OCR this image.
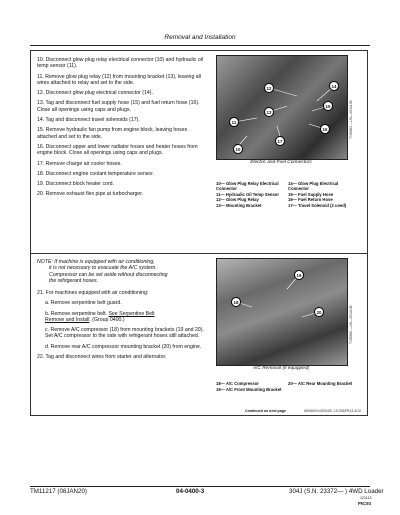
Removal and Installation
10. Disconnect glow plug relay electrical connector (10) and hydraulic oil temp sensor (11).
11. Remove glow plug relay (12) from mounting bracket (13), leaving all wires attached to relay and set to the side.
12. Disconnect glow plug electrical connector (14).
13. Tag and disconnect fuel supply hose (15) and fuel return hose (16). Close all openings using caps and plugs.
14. Tag and disconnect travel solenoids (17).
15. Remove hydraulic fan pump from engine block, leaving hoses attached and set to the side.
16. Disconnect upper and lower radiator hoses and heater hoses from engine block. Close all openings using caps and plugs.
17. Remove charge air cooler hoses.
18. Disconnect engine coolant temperature sensor.
19. Disconnect block heater cord.
20. Remove exhaust flex pipe at turbocharger.
12	14
13
15
11
16
17
10
T195963 —UN—25JUL06
Electric and Fuel Connectors
10— Glow Plug Relay Electrical Connector
11— Hydraulic Oil Temp Sensor
12— Glow Plug Relay
13— Mounting Bracket
14— Glow Plug Electrical Connector
15— Fuel Supply Hose
16— Fuel Return Hose
17— Travel Solenoid (2 used)
NOTE: If machine is equipped with air conditioning,
it is not necessary to evacuate the A/C system.
Compressor can be set aside without disconnecting
the refrigerant hoses.
21. For machines equipped with air conditioning:
a. Remove serpentine belt guard.
b. Remove serpentine belt. See Serpentine Belt
Remove and Install. (Group 0400.)
c. Remove A/C compressor (18) from mounting brackets (19 and 20). Set A/C compressor to the side with refrigerant hoses still attached.
d. Remove rear A/C compressor mounting bracket (20) from engine.
22. Tag and disconnect wires from starter and alternator.
19
18
20	T195966 —UN—25JUL06
A/C Removal (if equipped)
18— A/C Compressor
19— A/C Front Mounting Bracket
20— A/C Rear Mounting Bracket
Continued on next page	MX98000,000045I -19-29APR13-4/10
TM11217 (08JAN20)	04-0400-3	304J (S.N. 23372— ) 4WD Loader
121113
PN=93
